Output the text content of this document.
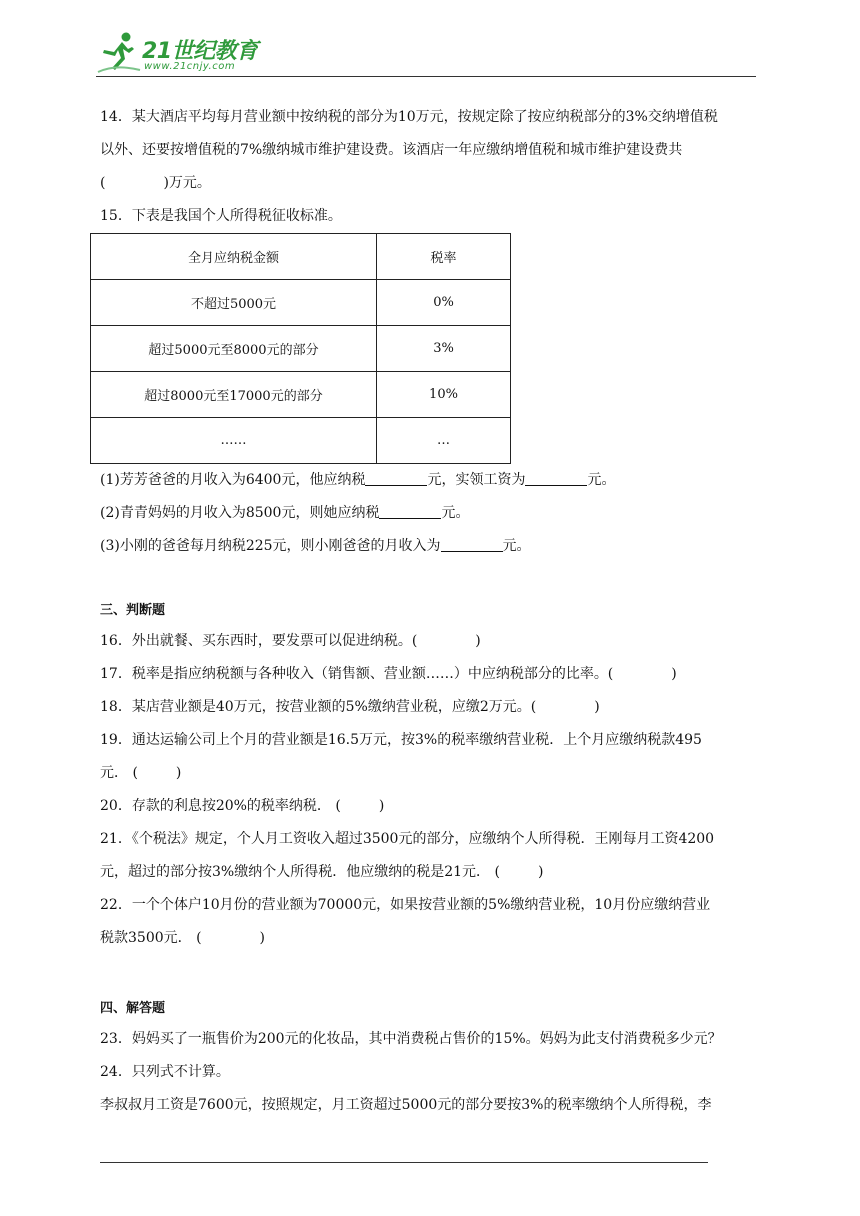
21世纪教育
www.21cnjy.com
14．某大酒店平均每月营业额中按纳税的部分为10万元，按规定除了按应纳税部分的3%交纳增值税
以外、还要按增值税的7%缴纳城市维护建设费。该酒店一年应缴纳增值税和城市维护建设费共
(	)万元。
15．下表是我国个人所得税征收标准。
全月应纳税金额	税率
不超过5000元	0%
超过5000元至8000元的部分	3%
超过8000元至17000元的部分	10%
……	…
(1)芳芳爸爸的月收入为6400元，他应纳税	元，实领工资为	元。
(2)青青妈妈的月收入为8500元，则她应纳税	元。
(3)小刚的爸爸每月纳税225元，则小刚爸爸的月收入为	元。
三、判断题
16．外出就餐、买东西时，要发票可以促进纳税。(	)
17．税率是指应纳税额与各种收入（销售额、营业额……）中应纳税部分的比率。(	)
18．某店营业额是40万元，按营业额的5%缴纳营业税，应缴2万元。(	)
19．通达运输公司上个月的营业额是16.5万元，按3%的税率缴纳营业税．上个月应缴纳税款495
元． (	)
20．存款的利息按20%的税率纳税． (	)
21．《个税法》规定，个人月工资收入超过3500元的部分，应缴纳个人所得税．王刚每月工资4200
元，超过的部分按3%缴纳个人所得税．他应缴纳的税是21元． (	)
22．一个个体户10月份的营业额为70000元，如果按营业额的5%缴纳营业税，10月份应缴纳营业
税款3500元． (	)
四、解答题
23．妈妈买了一瓶售价为200元的化妆品，其中消费税占售价的15%。妈妈为此支付消费税多少元？
24．只列式不计算。
李叔叔月工资是7600元，按照规定，月工资超过5000元的部分要按3%的税率缴纳个人所得税，李
